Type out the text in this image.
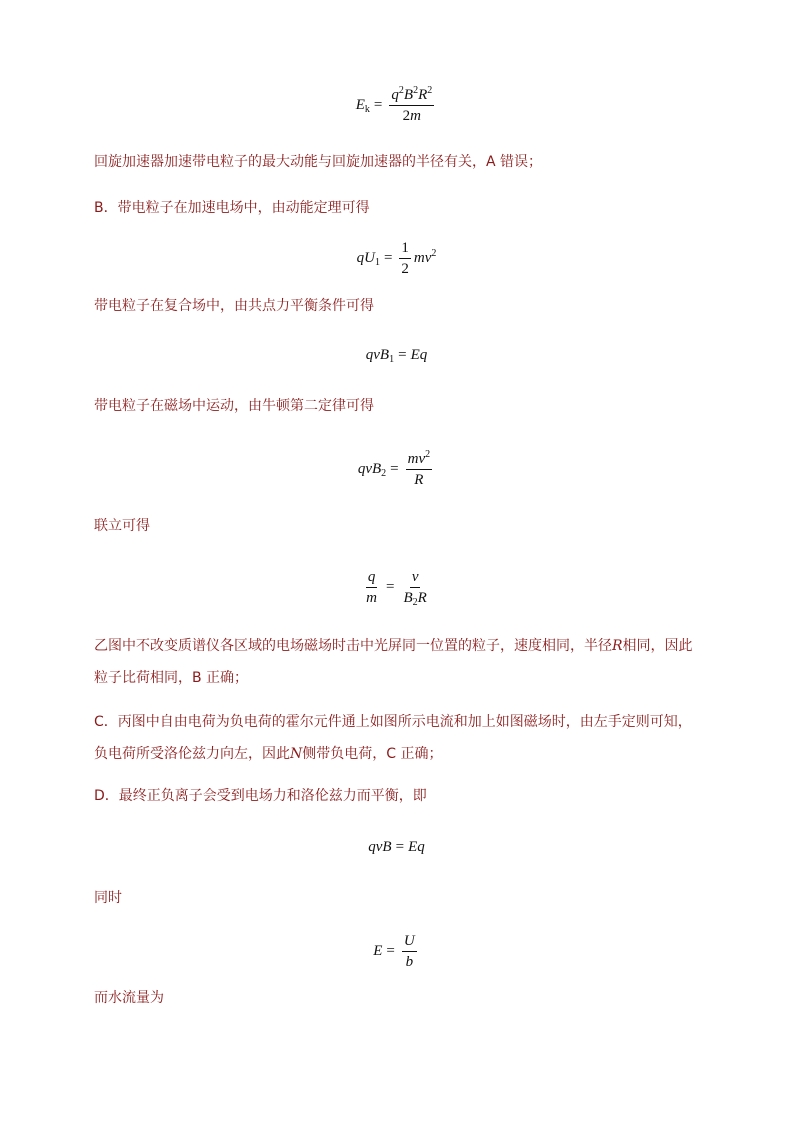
$E_k = \frac{q^2B^2R^2}{2m}$
回旋加速器加速带电粒子的最大动能与回旋加速器的半径有关，A 错误；
B．带电粒子在加速电场中，由动能定理可得
$qU_1 = \frac{1}{2} mv^2$
带电粒子在复合场中，由共点力平衡条件可得
qvB$_1$ = Eq
带电粒子在磁场中运动，由牛顿第二定律可得
$qvB_2 = \frac{mv^2}{R}$
联立可得
$\frac{q}{m} = \frac{v}{B_2R}$
乙图中不改变质谱仪各区域的电场磁场时击中光屏同一位置的粒子，速度相同，半径R相同，因此粒子比荷相同，B 正确；
C．丙图中自由电荷为负电荷的霍尔元件通上如图所示电流和加上如图磁场时，由左手定则可知，负电荷所受洛伦兹力向左，因此N侧带负电荷，C 正确；
D．最终正负离子会受到电场力和洛伦兹力而平衡，即
qvB = Eq
同时
$E = \frac{U}{b}$
而水流量为
